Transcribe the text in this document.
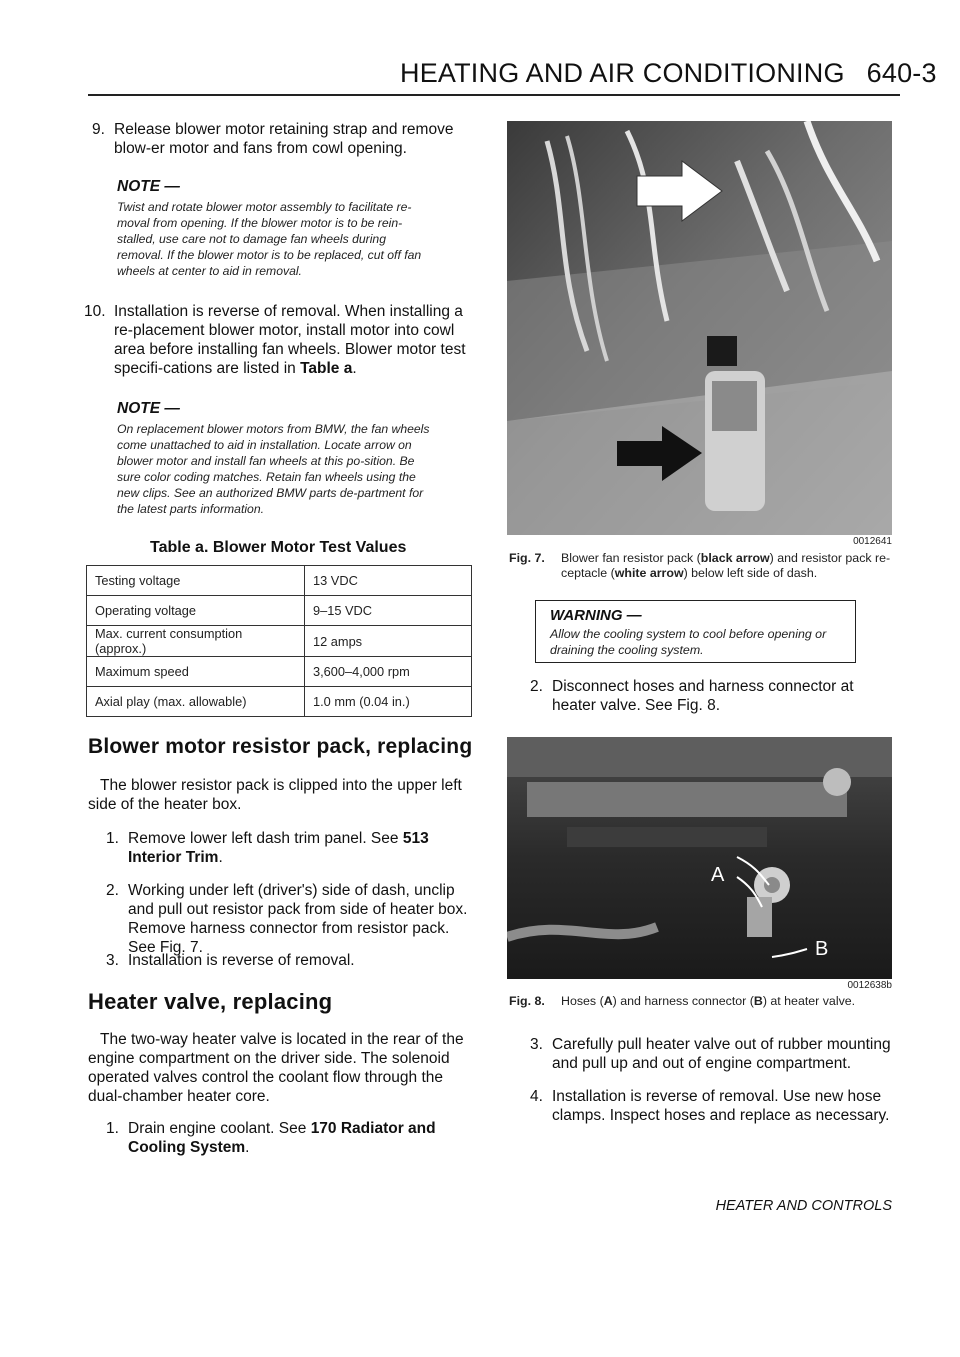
HEATING AND AIR CONDITIONING 640-3
9. Release blower motor retaining strap and remove blow-er motor and fans from cowl opening.
NOTE —
Twist and rotate blower motor assembly to facilitate re-moval from opening. If the blower motor is to be rein-stalled, use care not to damage fan wheels during removal. If the blower motor is to be replaced, cut off fan wheels at center to aid in removal.
10. Installation is reverse of removal. When installing a re-placement blower motor, install motor into cowl area before installing fan wheels. Blower motor test specifi-cations are listed in Table a.
NOTE —
On replacement blower motors from BMW, the fan wheels come unattached to aid in installation. Locate arrow on blower motor and install fan wheels at this po-sition. Be sure color coding matches. Retain fan wheels using the new clips. See an authorized BMW parts de-partment for the latest parts information.
Table a. Blower Motor Test Values
Testing voltage	13 VDC
Operating voltage	9–15 VDC
Max. current consumption (approx.)	12 amps
Maximum speed	3,600–4,000 rpm
Axial play (max. allowable)	1.0 mm (0.04 in.)
Blower motor resistor pack, replacing
The blower resistor pack is clipped into the upper left side of the heater box.
1. Remove lower left dash trim panel. See 513 Interior Trim.
2. Working under left (driver's) side of dash, unclip and pull out resistor pack from side of heater box. Remove harness connector from resistor pack. See Fig. 7.
3. Installation is reverse of removal.
Heater valve, replacing
The two-way heater valve is located in the rear of the engine compartment on the driver side. The solenoid operated valves control the coolant flow through the dual-chamber heater core.
1. Drain engine coolant. See 170 Radiator and Cooling System.
0012641
Fig. 7. Blower fan resistor pack (black arrow) and resistor pack re-ceptacle (white arrow) below left side of dash.
WARNING —
Allow the cooling system to cool before opening or draining the cooling system.
2. Disconnect hoses and harness connector at heater valve. See Fig. 8.
A
B
0012638b
Fig. 8. Hoses (A) and harness connector (B) at heater valve.
3. Carefully pull heater valve out of rubber mounting and pull up and out of engine compartment.
4. Installation is reverse of removal. Use new hose clamps. Inspect hoses and replace as necessary.
HEATER AND CONTROLS
